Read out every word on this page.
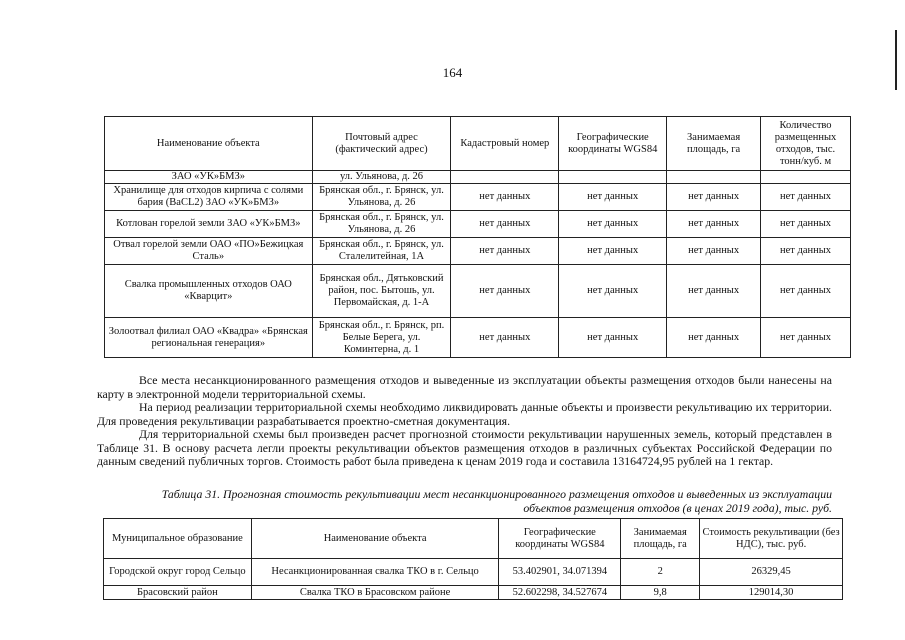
164
Наименование объекта	Почтовый адрес (фактический адрес)	Кадастровый номер	Географические координаты WGS84	Занимаемая площадь, га	Количество размещенных отходов, тыс. тонн/куб. м
ЗАО «УК»БМЗ»	ул. Ульянова, д. 26				
Хранилище для отходов кирпича с солями бария (BaCL2) ЗАО «УК»БМЗ»	Брянская обл., г. Брянск, ул. Ульянова, д. 26	нет данных	нет данных	нет данных	нет данных
Котлован горелой земли ЗАО «УК»БМЗ»	Брянская обл., г. Брянск, ул. Ульянова, д. 26	нет данных	нет данных	нет данных	нет данных
Отвал горелой земли ОАО «ПО»Бежицкая Сталь»	Брянская обл., г. Брянск, ул. Сталелитейная, 1А	нет данных	нет данных	нет данных	нет данных
Свалка промышленных отходов ОАО «Кварцит»	Брянская обл., Дятьковский район, пос. Бытошь, ул. Первомайская, д. 1-А	нет данных	нет данных	нет данных	нет данных
Золоотвал филиал ОАО «Квадра» «Брянская региональная генерация»	Брянская обл., г. Брянск, рп. Белые Берега, ул. Коминтерна, д. 1	нет данных	нет данных	нет данных	нет данных

Все места несанкционированного размещения отходов и выведенные из эксплуатации объекты размещения отходов были нанесены на карту в электронной модели территориальной схемы.

На период реализации территориальной схемы необходимо ликвидировать данные объекты и произвести рекультивацию их территории. Для проведения рекультивации разрабатывается проектно-сметная документация.

Для территориальной схемы был произведен расчет прогнозной стоимости рекультивации нарушенных земель, который представлен в Таблице 31. В основу расчета легли проекты рекультивации объектов размещения отходов в различных субъектах Российской Федерации по данным сведений публичных торгов. Стоимость работ была приведена к ценам 2019 года и составила 13164724,95 рублей на 1 гектар.

Таблица 31. Прогнозная стоимость рекультивации мест несанкционированного размещения отходов и выведенных из эксплуатации объектов размещения отходов (в ценах 2019 года), тыс. руб.
Муниципальное образование	Наименование объекта	Географические координаты WGS84	Занимаемая площадь, га	Стоимость рекультивации (без НДС), тыс. руб.
Городской округ город Сельцо	Несанкционированная свалка ТКО в г. Сельцо	53.402901, 34.071394	2	26329,45
Брасовский район	Свалка ТКО в Брасовском районе	52.602298, 34.527674	9,8	129014,30
